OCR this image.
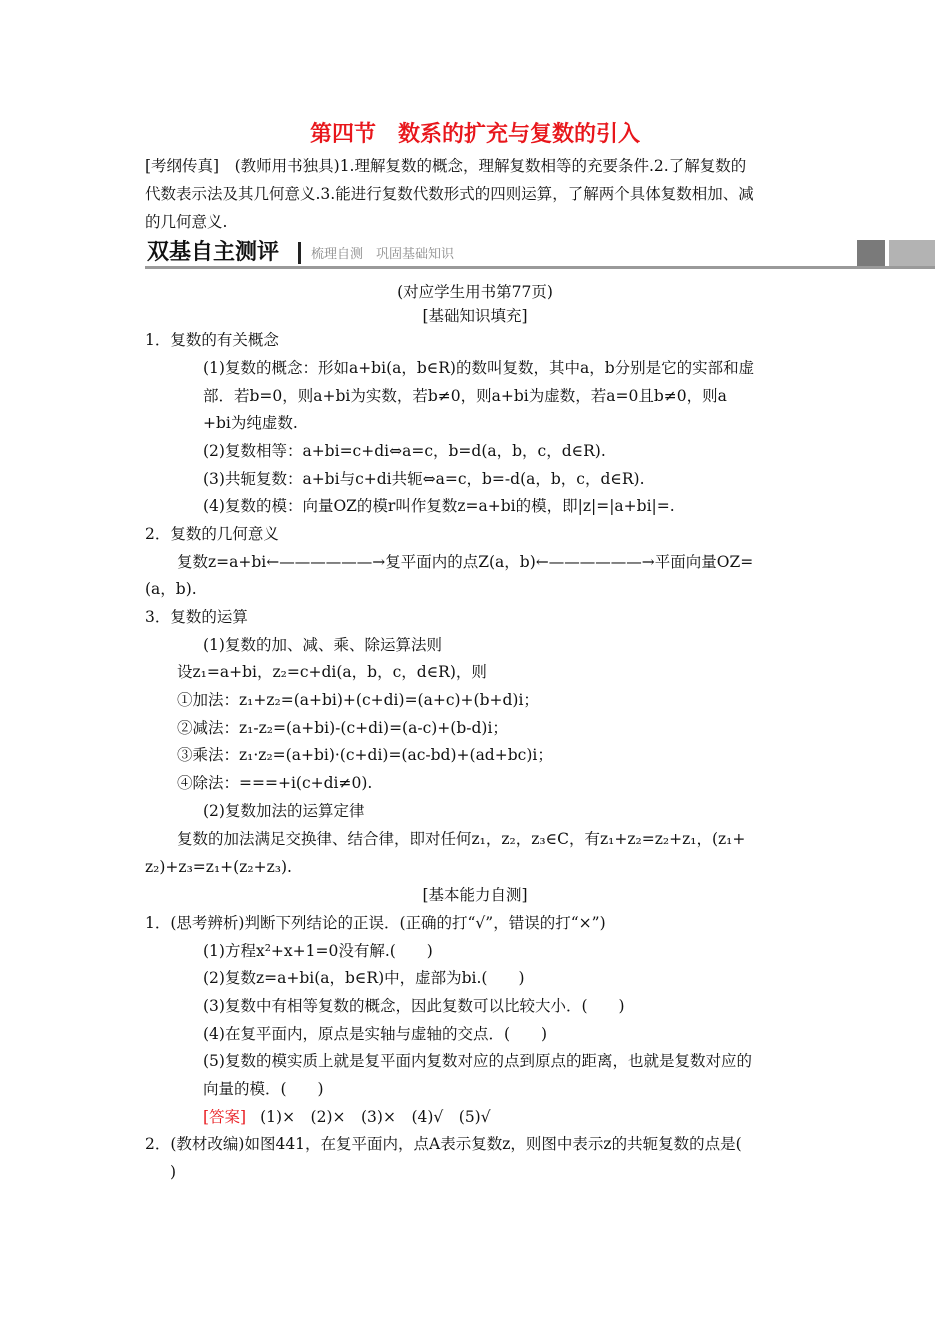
第四节　数系的扩充与复数的引入
[考纲传真]　(教师用书独具)1.理解复数的概念，理解复数相等的充要条件.2.了解复数的
代数表示法及其几何意义.3.能进行复数代数形式的四则运算，了解两个具体复数相加、减
的几何意义.
双基自主测评 梳理自测　巩固基础知识
(对应学生用书第77页)
[基础知识填充]
1．复数的有关概念
(1)复数的概念：形如a+bi(a，b∈R)的数叫复数，其中a，b分别是它的实部和虚
部．若b=0，则a+bi为实数，若b≠0，则a+bi为虚数，若a=0且b≠0，则a
+bi为纯虚数.
(2)复数相等：a+bi=c+di⇔a=c，b=d(a，b，c，d∈R).
(3)共轭复数：a+bi与c+di共轭⇔a=c，b=-d(a，b，c，d∈R).
(4)复数的模：向量OZ的模r叫作复数z=a+bi的模，即|z|=|a+bi|=.
2．复数的几何意义
复数z=a+bi←——————→复平面内的点Z(a，b)←——————→平面向量OZ=
(a，b).
3．复数的运算
(1)复数的加、减、乘、除运算法则
设z₁=a+bi，z₂=c+di(a，b，c，d∈R)，则
①加法：z₁+z₂=(a+bi)+(c+di)=(a+c)+(b+d)i；
②减法：z₁-z₂=(a+bi)-(c+di)=(a-c)+(b-d)i；
③乘法：z₁·z₂=(a+bi)·(c+di)=(ac-bd)+(ad+bc)i；
④除法：===+i(c+di≠0).
(2)复数加法的运算定律
复数的加法满足交换律、结合律，即对任何z₁，z₂，z₃∈C，有z₁+z₂=z₂+z₁，(z₁+
z₂)+z₃=z₁+(z₂+z₃).
[基本能力自测]
1．(思考辨析)判断下列结论的正误．(正确的打“√”，错误的打“×”)
(1)方程x²+x+1=0没有解.(　　)
(2)复数z=a+bi(a，b∈R)中，虚部为bi.(　　)
(3)复数中有相等复数的概念，因此复数可以比较大小．(　　)
(4)在复平面内，原点是实轴与虚轴的交点．(　　)
(5)复数的模实质上就是复平面内复数对应的点到原点的距离，也就是复数对应的
向量的模．(　　)
[答案] (1)×　(2)×　(3)×　(4)√　(5)√
2．(教材改编)如图441，在复平面内，点A表示复数z，则图中表示z的共轭复数的点是(
)
